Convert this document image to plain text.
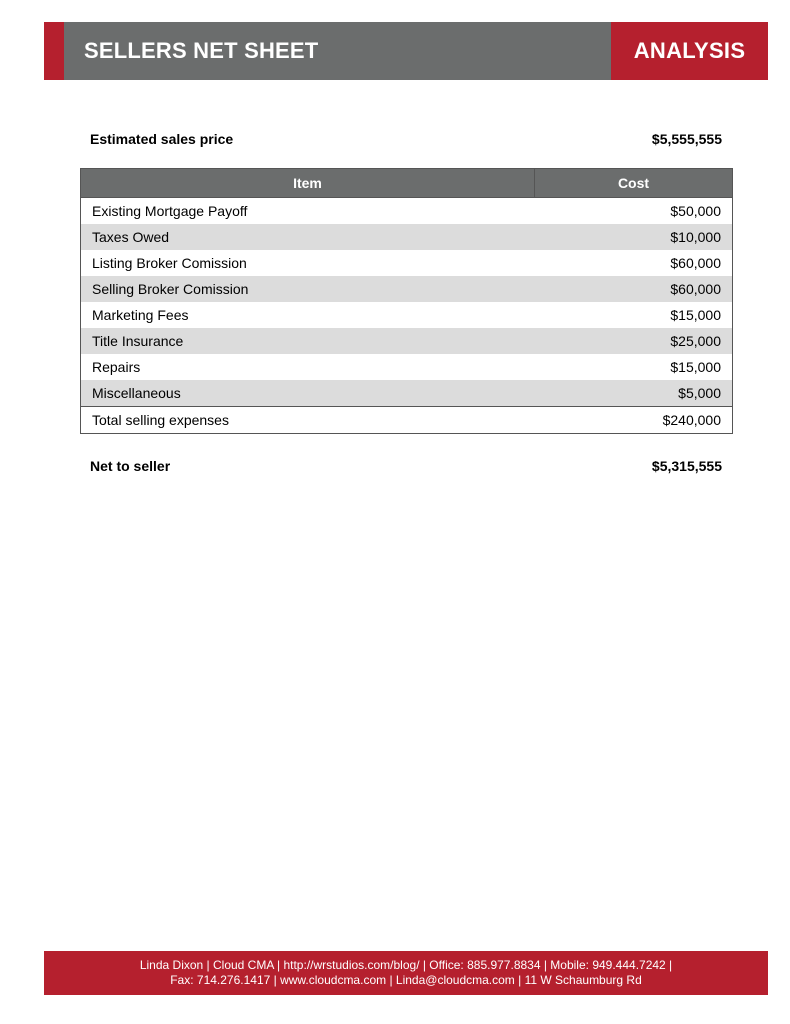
SELLERS NET SHEET	ANALYSIS
Estimated sales price	$5,555,555
Item	Cost
Existing Mortgage Payoff	$50,000
Taxes Owed	$10,000
Listing Broker Comission	$60,000
Selling Broker Comission	$60,000
Marketing Fees	$15,000
Title Insurance	$25,000
Repairs	$15,000
Miscellaneous	$5,000
Total selling expenses	$240,000
Net to seller	$5,315,555
Linda Dixon | Cloud CMA | http://wrstudios.com/blog/ | Office: 885.977.8834 | Mobile: 949.444.7242 |
Fax: 714.276.1417 | www.cloudcma.com | Linda@cloudcma.com | 11 W Schaumburg Rd
